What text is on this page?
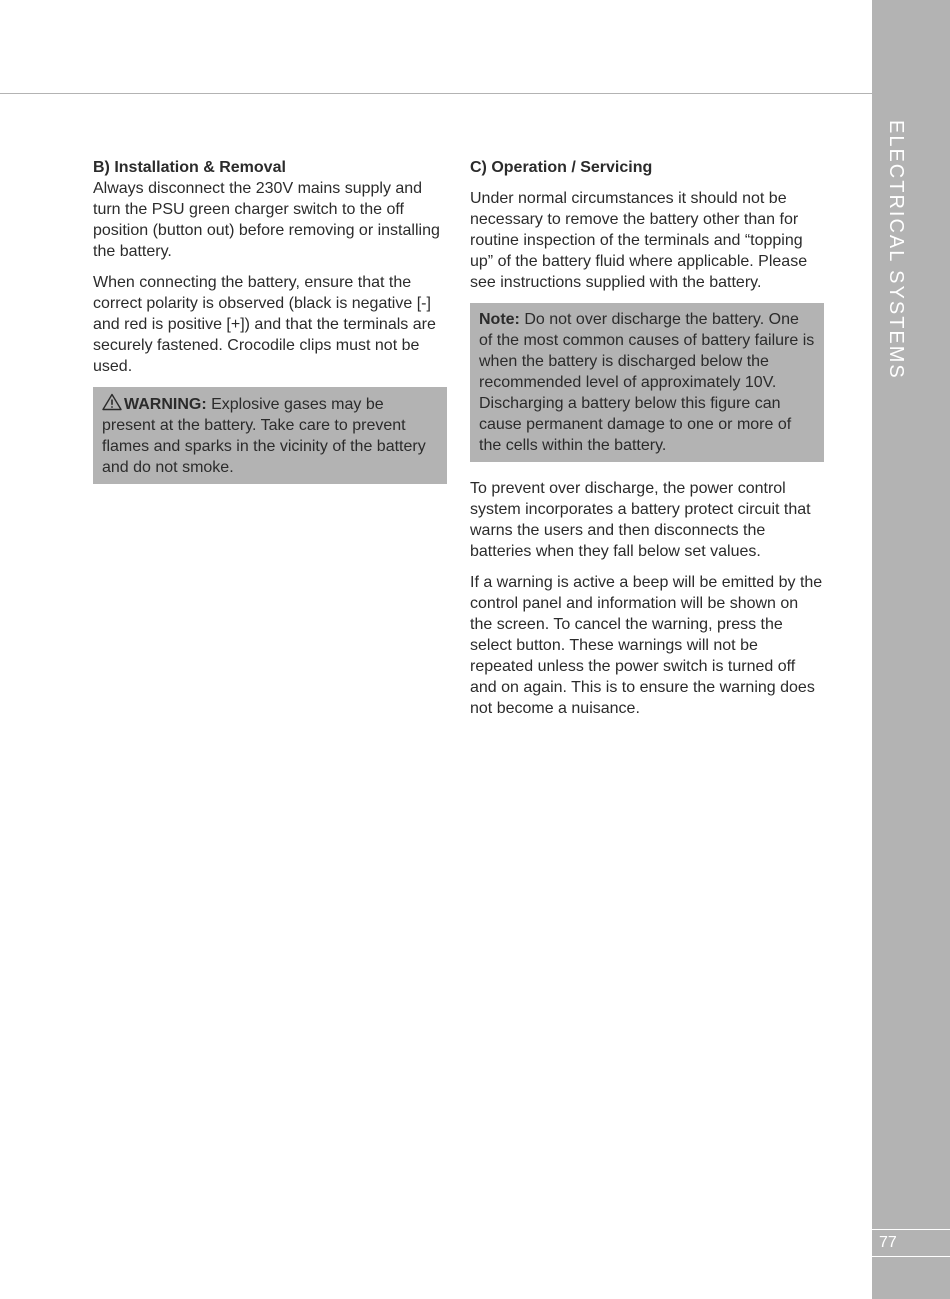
ELECTRICAL SYSTEMS
77

B) Installation & Removal

Always disconnect the 230V mains supply and turn the PSU green charger switch to the off position (button out) before removing or installing the battery.

When connecting the battery, ensure that the correct polarity is observed (black is negative [-] and red is positive [+]) and that the terminals are securely fastened. Crocodile clips must not be used.

WARNING: Explosive gases may be present at the battery. Take care to prevent flames and sparks in the vicinity of the battery and do not smoke.

C) Operation / Servicing

Under normal circumstances it should not be necessary to remove the battery other than for routine inspection of the terminals and “topping up” of the battery fluid where applicable. Please see instructions supplied with the battery.

Note: Do not over discharge the battery. One of the most common causes of battery failure is when the battery is discharged below the recommended level of approximately 10V. Discharging a battery below this figure can cause permanent damage to one or more of the cells within the battery.

To prevent over discharge, the power control system incorporates a battery protect circuit that warns the users and then disconnects the batteries when they fall below set values.

If a warning is active a beep will be emitted by the control panel and information will be shown on the screen. To cancel the warning, press the select button. These warnings will not be repeated unless the power switch is turned off and on again. This is to ensure the warning does not become a nuisance.
